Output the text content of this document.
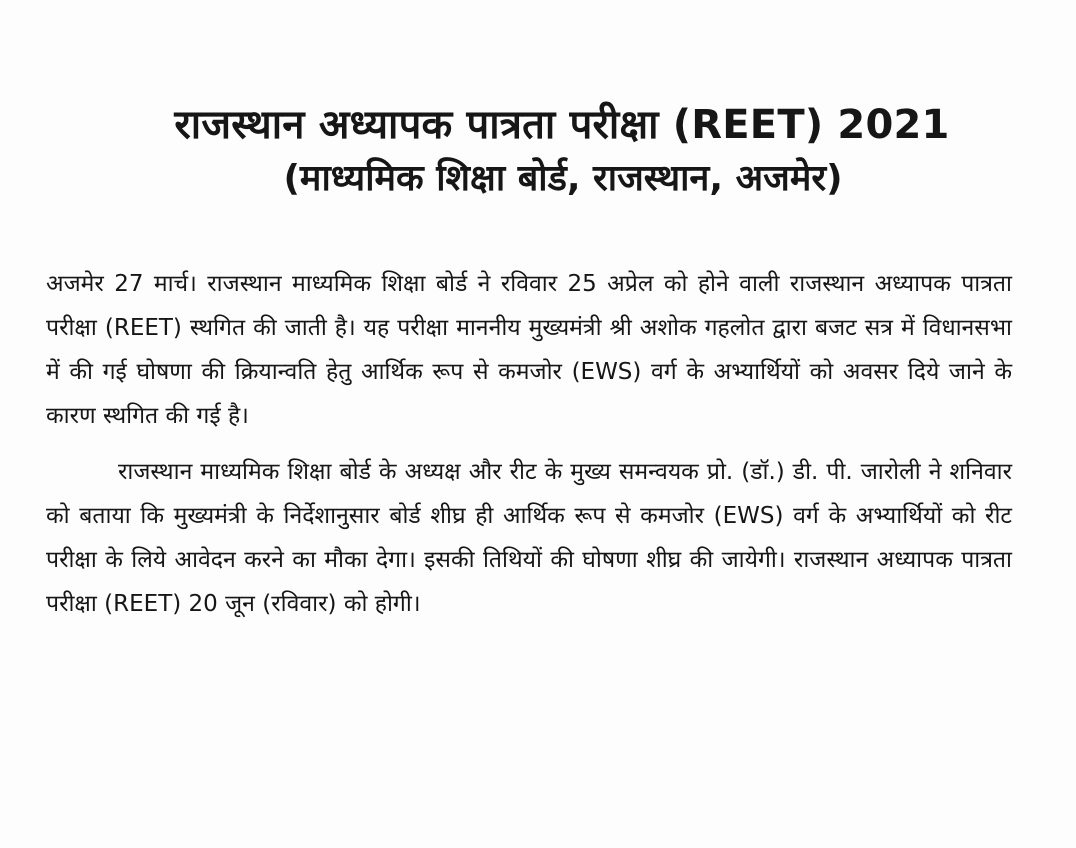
राजस्थान अध्यापक पात्रता परीक्षा (REET) 2021
(माध्यमिक शिक्षा बोर्ड, राजस्थान, अजमेर)

अजमेर 27 मार्च। राजस्थान माध्यमिक शिक्षा बोर्ड ने रविवार 25 अप्रेल को होने वाली राजस्थान अध्यापक पात्रता परीक्षा (REET) स्थगित की जाती है। यह परीक्षा माननीय मुख्यमंत्री श्री अशोक गहलोत द्वारा बजट सत्र में विधानसभा में की गई घोषणा की क्रियान्वति हेतु आर्थिक रूप से कमजोर (EWS) वर्ग के अभ्यार्थियों को अवसर दिये जाने के कारण स्थगित की गई है।

राजस्थान माध्यमिक शिक्षा बोर्ड के अध्यक्ष और रीट के मुख्य समन्वयक प्रो. (डॉ.) डी. पी. जारोली ने शनिवार को बताया कि मुख्यमंत्री के निर्देशानुसार बोर्ड शीघ्र ही आर्थिक रूप से कमजोर (EWS) वर्ग के अभ्यार्थियों को रीट परीक्षा के लिये आवेदन करने का मौका देगा। इसकी तिथियों की घोषणा शीघ्र की जायेगी। राजस्थान अध्यापक पात्रता परीक्षा (REET) 20 जून (रविवार) को होगी।
